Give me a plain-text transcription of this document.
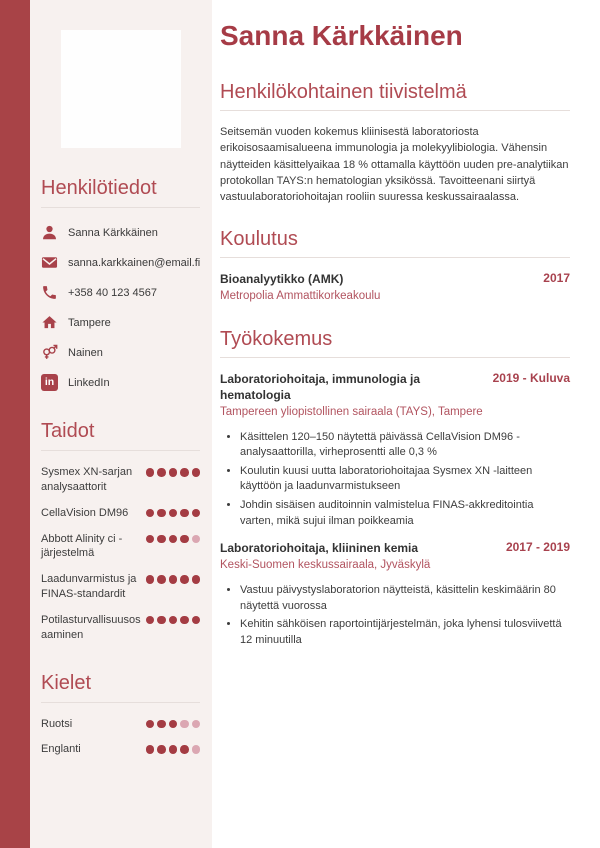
Henkilötiedot
Sanna Kärkkäinen
sanna.karkkainen@email.fi
+358 40 123 4567
Tampere
Nainen
in	LinkedIn
Taidot
Sysmex XN-sarjan analysaattorit
CellaVision DM96
Abbott Alinity ci -järjestelmä
Laadunvarmistus ja FINAS-standardit
Potilasturvallisuusosaaminen
Kielet
Ruotsi
Englanti
Sanna Kärkkäinen
Henkilökohtainen tiivistelmä

Seitsemän vuoden kokemus kliinisestä laboratoriosta erikoisosaamisalueena immunologia ja molekyylibiologia. Vähensin näytteiden käsittelyaikaa 18 % ottamalla käyttöön uuden pre-analytiikan protokollan TAYS:n hematologian yksikössä. Tavoitteenani siirtyä vastuulaboratoriohoitajan rooliin suuressa keskussairaalassa.

Koulutus
Bioanalyytikko (AMK)	2017
Metropolia Ammattikorkeakoulu
Työkokemus
Laboratoriohoitaja, immunologia ja hematologia
2019 - Kuluva
Tampereen yliopistollinen sairaala (TAYS), Tampere
• Käsittelen 120–150 näytettä päivässä CellaVision DM96 -analysaattorilla, virheprosentti alle 0,3 %
• Koulutin kuusi uutta laboratoriohoitajaa Sysmex XN -laitteen käyttöön ja laadunvarmistukseen
• Johdin sisäisen auditoinnin valmistelua FINAS-akkreditointia varten, mikä sujui ilman poikkeamia
Laboratoriohoitaja, kliininen kemia	2017 - 2019
Keski-Suomen keskussairaala, Jyväskylä
• Vastuu päivystyslaboratorion näytteistä, käsittelin keskimäärin 80 näytettä vuorossa
• Kehitin sähköisen raportointijärjestelmän, joka lyhensi tulosviivettä 12 minuutilla
